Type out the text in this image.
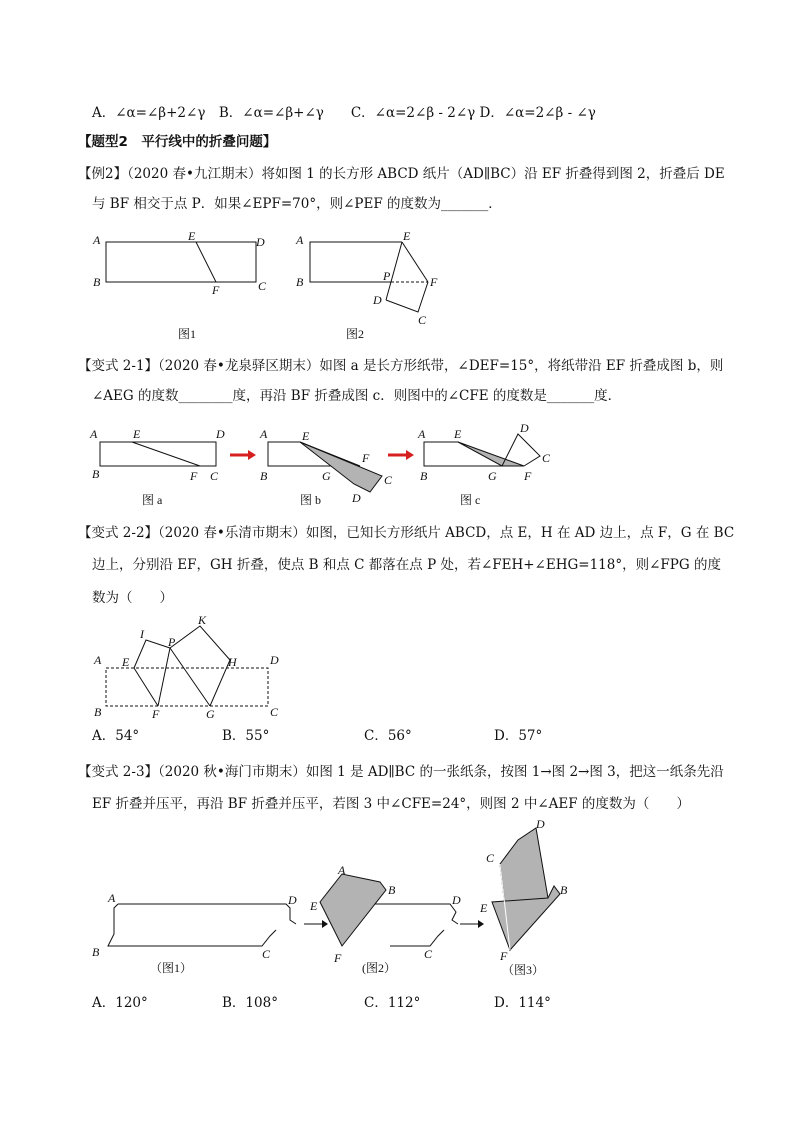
A．∠α=∠β+2∠γ　B．∠α=∠β+∠γ　　C．∠α=2∠β - 2∠γ D．∠α=2∠β - ∠γ
【题型2　平行线中的折叠问题】
【例2】（2020 春•九江期末）将如图 1 的长方形 ABCD 纸片（AD∥BC）沿 EF 折叠得到图 2，折叠后 DE
与 BF 相交于点 P．如果∠EPF=70°，则∠PEF 的度数为_______．
A
B
E
F
D
C
图1
A
B
E
P	F
D
C
图2
【变式 2-1】（2020 春•龙泉驿区期末）如图 a 是长方形纸带，∠DEF=15°，将纸带沿 EF 折叠成图 b，则
∠AEG 的度数________度，再沿 BF 折叠成图 c．则图中的∠CFE 的度数是_______度．
A
B
E	D
F C
图 a
A
B
E
F
G	C
D
图 b
A
B
E	D
C
G F
图 c
【变式 2-2】（2020 春•乐清市期末）如图，已知长方形纸片 ABCD，点 E，H 在 AD 边上，点 F，G 在 BC
边上，分别沿 EF，GH 折叠，使点 B 和点 C 都落在点 P 处，若∠FEH+∠EHG=118°，则∠FPG 的度
数为（　　）
A E
I
P
K
H	D
B	F	G	C
A．54°	B．55°	C．56°	D．57°
【变式 2-3】（2020 秋•海门市期末）如图 1 是 AD∥BC 的一张纸条，按图 1→图 2→图 3，把这一纸条先沿
EF 折叠并压平，再沿 BF 折叠并压平，若图 3 中∠CFE=24°，则图 2 中∠AEF 的度数为（　　）
A
B
D
C
（图1）
E
A
B
D
F	C
(图2）
C
D
E
B
F
（图3）
A．120°	B．108°	C．112°	D．114°
